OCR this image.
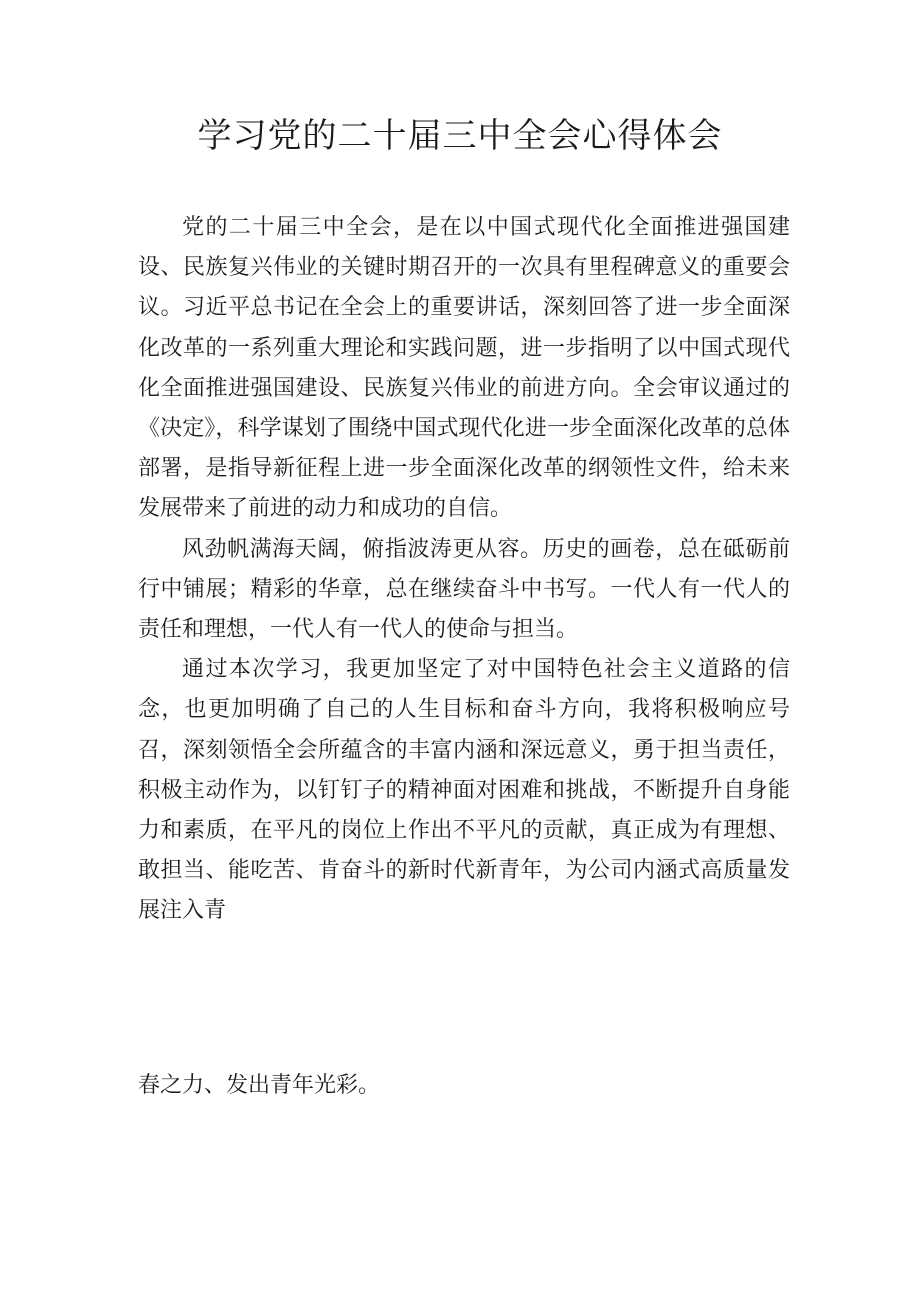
学习党的二十届三中全会心得体会

党的二十届三中全会，是在以中国式现代化全面推进强国建设、民族复兴伟业的关键时期召开的一次具有里程碑意义的重要会议。习近平总书记在全会上的重要讲话，深刻回答了进一步全面深化改革的一系列重大理论和实践问题，进一步指明了以中国式现代化全面推进强国建设、民族复兴伟业的前进方向。全会审议通过的《决定》，科学谋划了围绕中国式现代化进一步全面深化改革的总体部署，是指导新征程上进一步全面深化改革的纲领性文件，给未来发展带来了前进的动力和成功的自信。

风劲帆满海天阔，俯指波涛更从容。历史的画卷，总在砥砺前行中铺展；精彩的华章，总在继续奋斗中书写。一代人有一代人的责任和理想，一代人有一代人的使命与担当。

通过本次学习，我更加坚定了对中国特色社会主义道路的信念，也更加明确了自己的人生目标和奋斗方向，我将积极响应号召，深刻领悟全会所蕴含的丰富内涵和深远意义，勇于担当责任，积极主动作为，以钉钉子的精神面对困难和挑战，不断提升自身能力和素质，在平凡的岗位上作出不平凡的贡献，真正成为有理想、敢担当、能吃苦、肯奋斗的新时代新青年，为公司内涵式高质量发展注入青

春之力、发出青年光彩。
